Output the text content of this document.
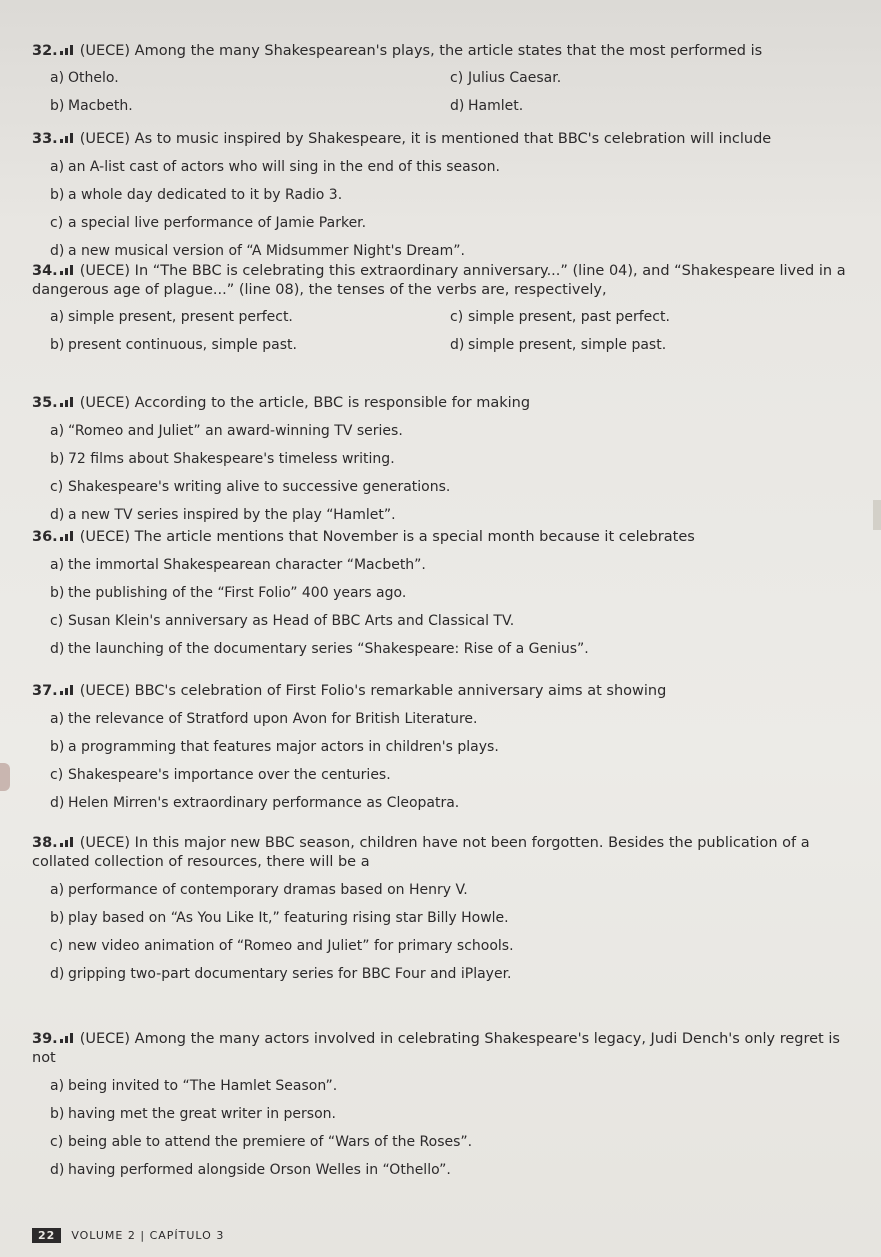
32. (UECE) Among the many Shakespearean's plays, the article states that the most performed is
a) Othelo.	c) Julius Caesar.
b) Macbeth.	d) Hamlet.
33. (UECE) As to music inspired by Shakespeare, it is mentioned that BBC's celebration will include
a) an A-list cast of actors who will sing in the end of this season.
b) a whole day dedicated to it by Radio 3.
c) a special live performance of Jamie Parker.
d) a new musical version of “A Midsummer Night's Dream”.
34. (UECE) In “The BBC is celebrating this extraordinary anniversary...” (line 04), and “Shakespeare lived in a dangerous age of plague...” (line 08), the tenses of the verbs are, respectively,
a) simple present, present perfect.	c) simple present, past perfect.
b) present continuous, simple past.	d) simple present, simple past.
35. (UECE) According to the article, BBC is responsible for making
a) “Romeo and Juliet” an award-winning TV series.
b) 72 films about Shakespeare's timeless writing.
c) Shakespeare's writing alive to successive generations.
d) a new TV series inspired by the play “Hamlet”.
36. (UECE) The article mentions that November is a special month because it celebrates
a) the immortal Shakespearean character “Macbeth”.
b) the publishing of the “First Folio” 400 years ago.
c) Susan Klein's anniversary as Head of BBC Arts and Classical TV.
d) the launching of the documentary series “Shakespeare: Rise of a Genius”.
37. (UECE) BBC's celebration of First Folio's remarkable anniversary aims at showing
a) the relevance of Stratford upon Avon for British Literature.
b) a programming that features major actors in children's plays.
c) Shakespeare's importance over the centuries.
d) Helen Mirren's extraordinary performance as Cleopatra.
38. (UECE) In this major new BBC season, children have not been forgotten. Besides the publication of a collated collection of resources, there will be a
a) performance of contemporary dramas based on Henry V.
b) play based on “As You Like It,” featuring rising star Billy Howle.
c) new video animation of “Romeo and Juliet” for primary schools.
d) gripping two-part documentary series for BBC Four and iPlayer.
39. (UECE) Among the many actors involved in celebrating Shakespeare's legacy, Judi Dench's only regret is not
a) being invited to “The Hamlet Season”.
b) having met the great writer in person.
c) being able to attend the premiere of “Wars of the Roses”.
d) having performed alongside Orson Welles in “Othello”.
22	VOLUME 2 | CAPÍTULO 3
